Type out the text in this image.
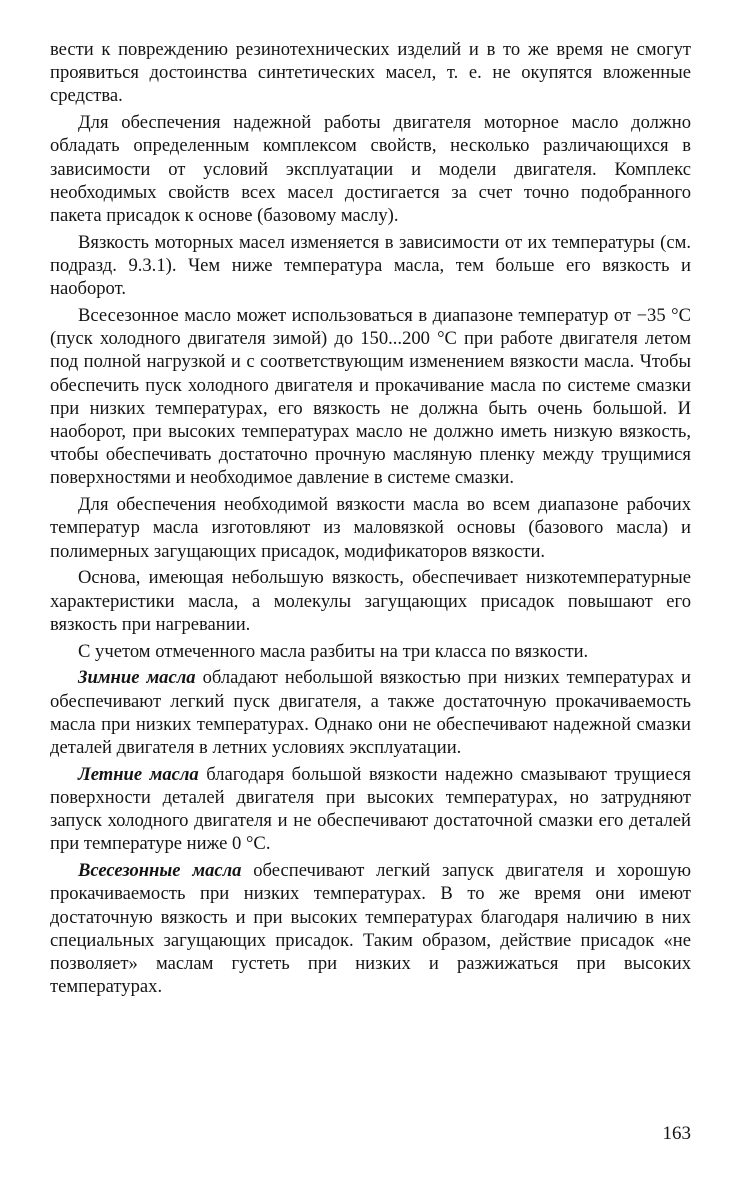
вести к повреждению резинотехнических изделий и в то же время не смогут проявиться достоинства синтетических масел, т. е. не окупятся вложенные средства.

Для обеспечения надежной работы двигателя моторное масло должно обладать определенным комплексом свойств, несколько различающихся в зависимости от условий эксплуатации и модели двигателя. Комплекс необходимых свойств всех масел достигается за счет точно подобранного пакета присадок к основе (базовому маслу).

Вязкость моторных масел изменяется в зависимости от их температуры (см. подразд. 9.3.1). Чем ниже температура масла, тем больше его вязкость и наоборот.

Всесезонное масло может использоваться в диапазоне температур от −35 °С (пуск холодного двигателя зимой) до 150...200 °С при работе двигателя летом под полной нагрузкой и с соответствующим изменением вязкости масла. Чтобы обеспечить пуск холодного двигателя и прокачивание масла по системе смазки при низких температурах, его вязкость не должна быть очень большой. И наоборот, при высоких температурах масло не должно иметь низкую вязкость, чтобы обеспечивать достаточно прочную масляную пленку между трущимися поверхностями и необходимое давление в системе смазки.

Для обеспечения необходимой вязкости масла во всем диапазоне рабочих температур масла изготовляют из маловязкой основы (базового масла) и полимерных загущающих присадок, модификаторов вязкости.

Основа, имеющая небольшую вязкость, обеспечивает низкотемпературные характеристики масла, а молекулы загущающих присадок повышают его вязкость при нагревании.

С учетом отмеченного масла разбиты на три класса по вязкости.

Зимние масла обладают небольшой вязкостью при низких температурах и обеспечивают легкий пуск двигателя, а также достаточную прокачиваемость масла при низких температурах. Однако они не обеспечивают надежной смазки деталей двигателя в летних условиях эксплуатации.

Летние масла благодаря большой вязкости надежно смазывают трущиеся поверхности деталей двигателя при высоких температурах, но затрудняют запуск холодного двигателя и не обеспечивают достаточной смазки его деталей при температуре ниже 0 °С.

Всесезонные масла обеспечивают легкий запуск двигателя и хорошую прокачиваемость при низких температурах. В то же время они имеют достаточную вязкость и при высоких температурах благодаря наличию в них специальных загущающих присадок. Таким образом, действие присадок «не позволяет» маслам густеть при низких и разжижаться при высоких температурах.

163
